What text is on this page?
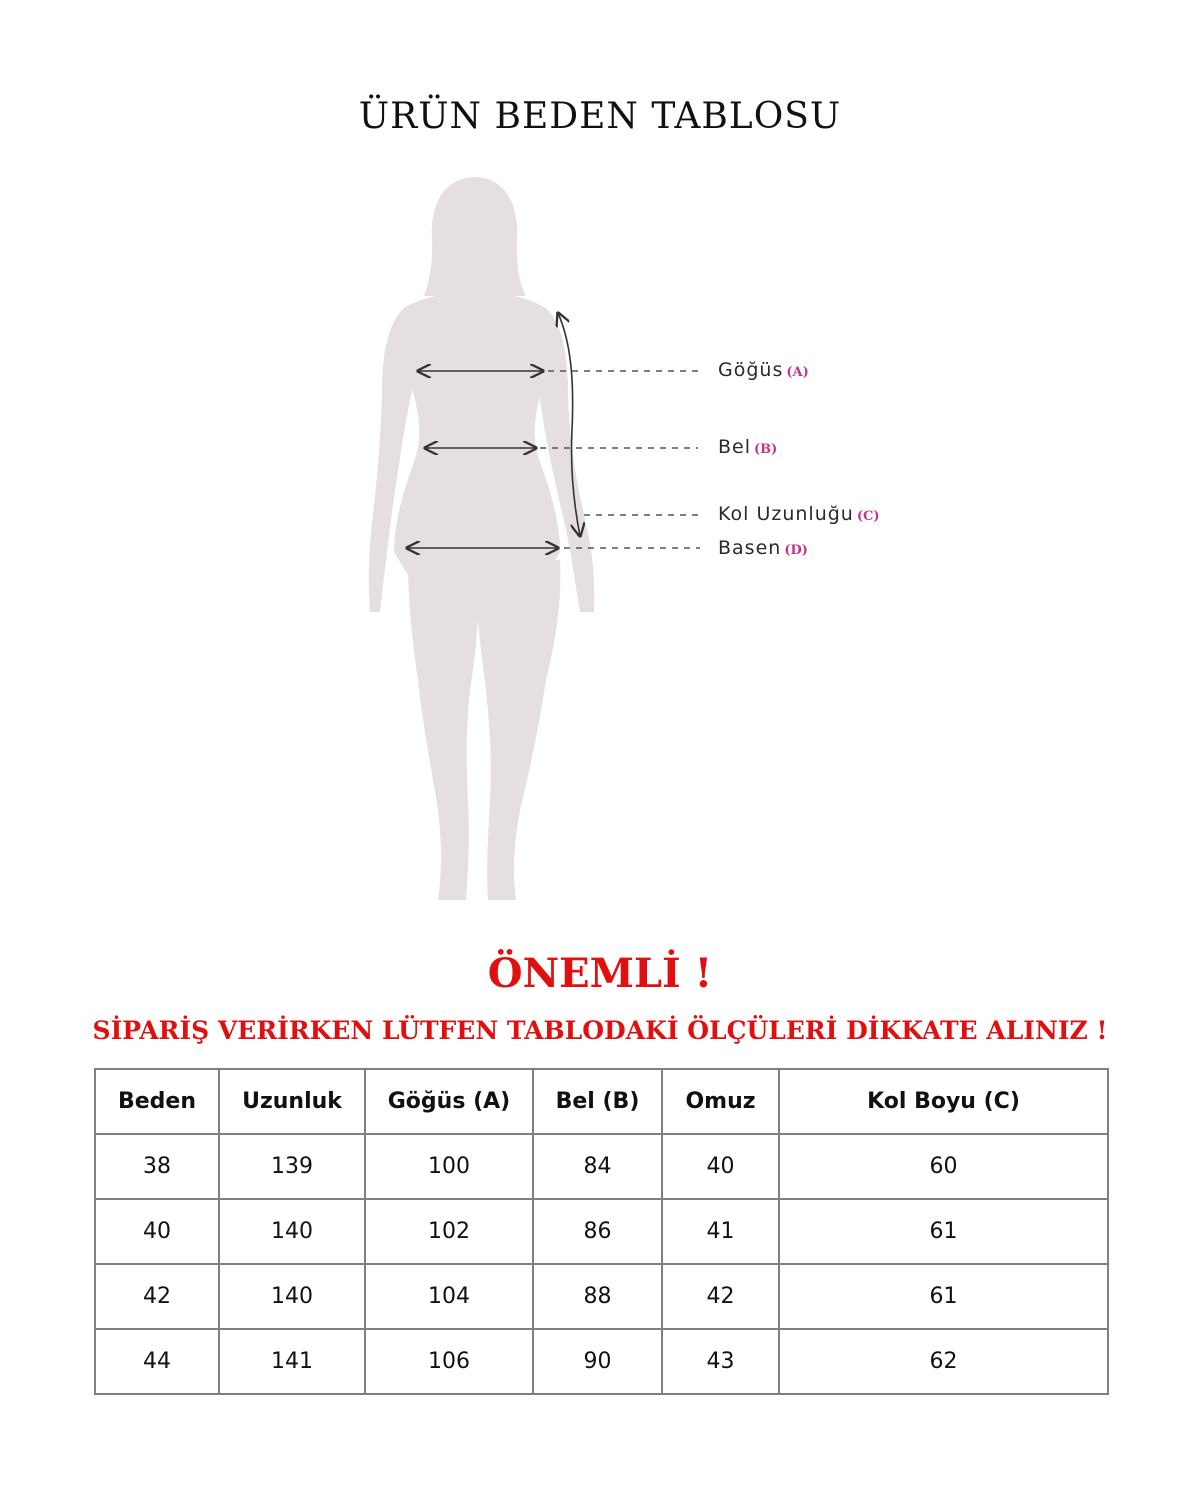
ÜRÜN BEDEN TABLOSU
Göğüs (A)
Bel (B)
Kol Uzunluğu (C)
Basen (D)
ÖNEMLİ !
SİPARİŞ VERİRKEN LÜTFEN TABLODAKİ ÖLÇÜLERİ DİKKATE ALINIZ !
Beden	Uzunluk	Göğüs (A)	Bel (B)	Omuz	Kol Boyu (C)
38	139	100	84	40	60
40	140	102	86	41	61
42	140	104	88	42	61
44	141	106	90	43	62
